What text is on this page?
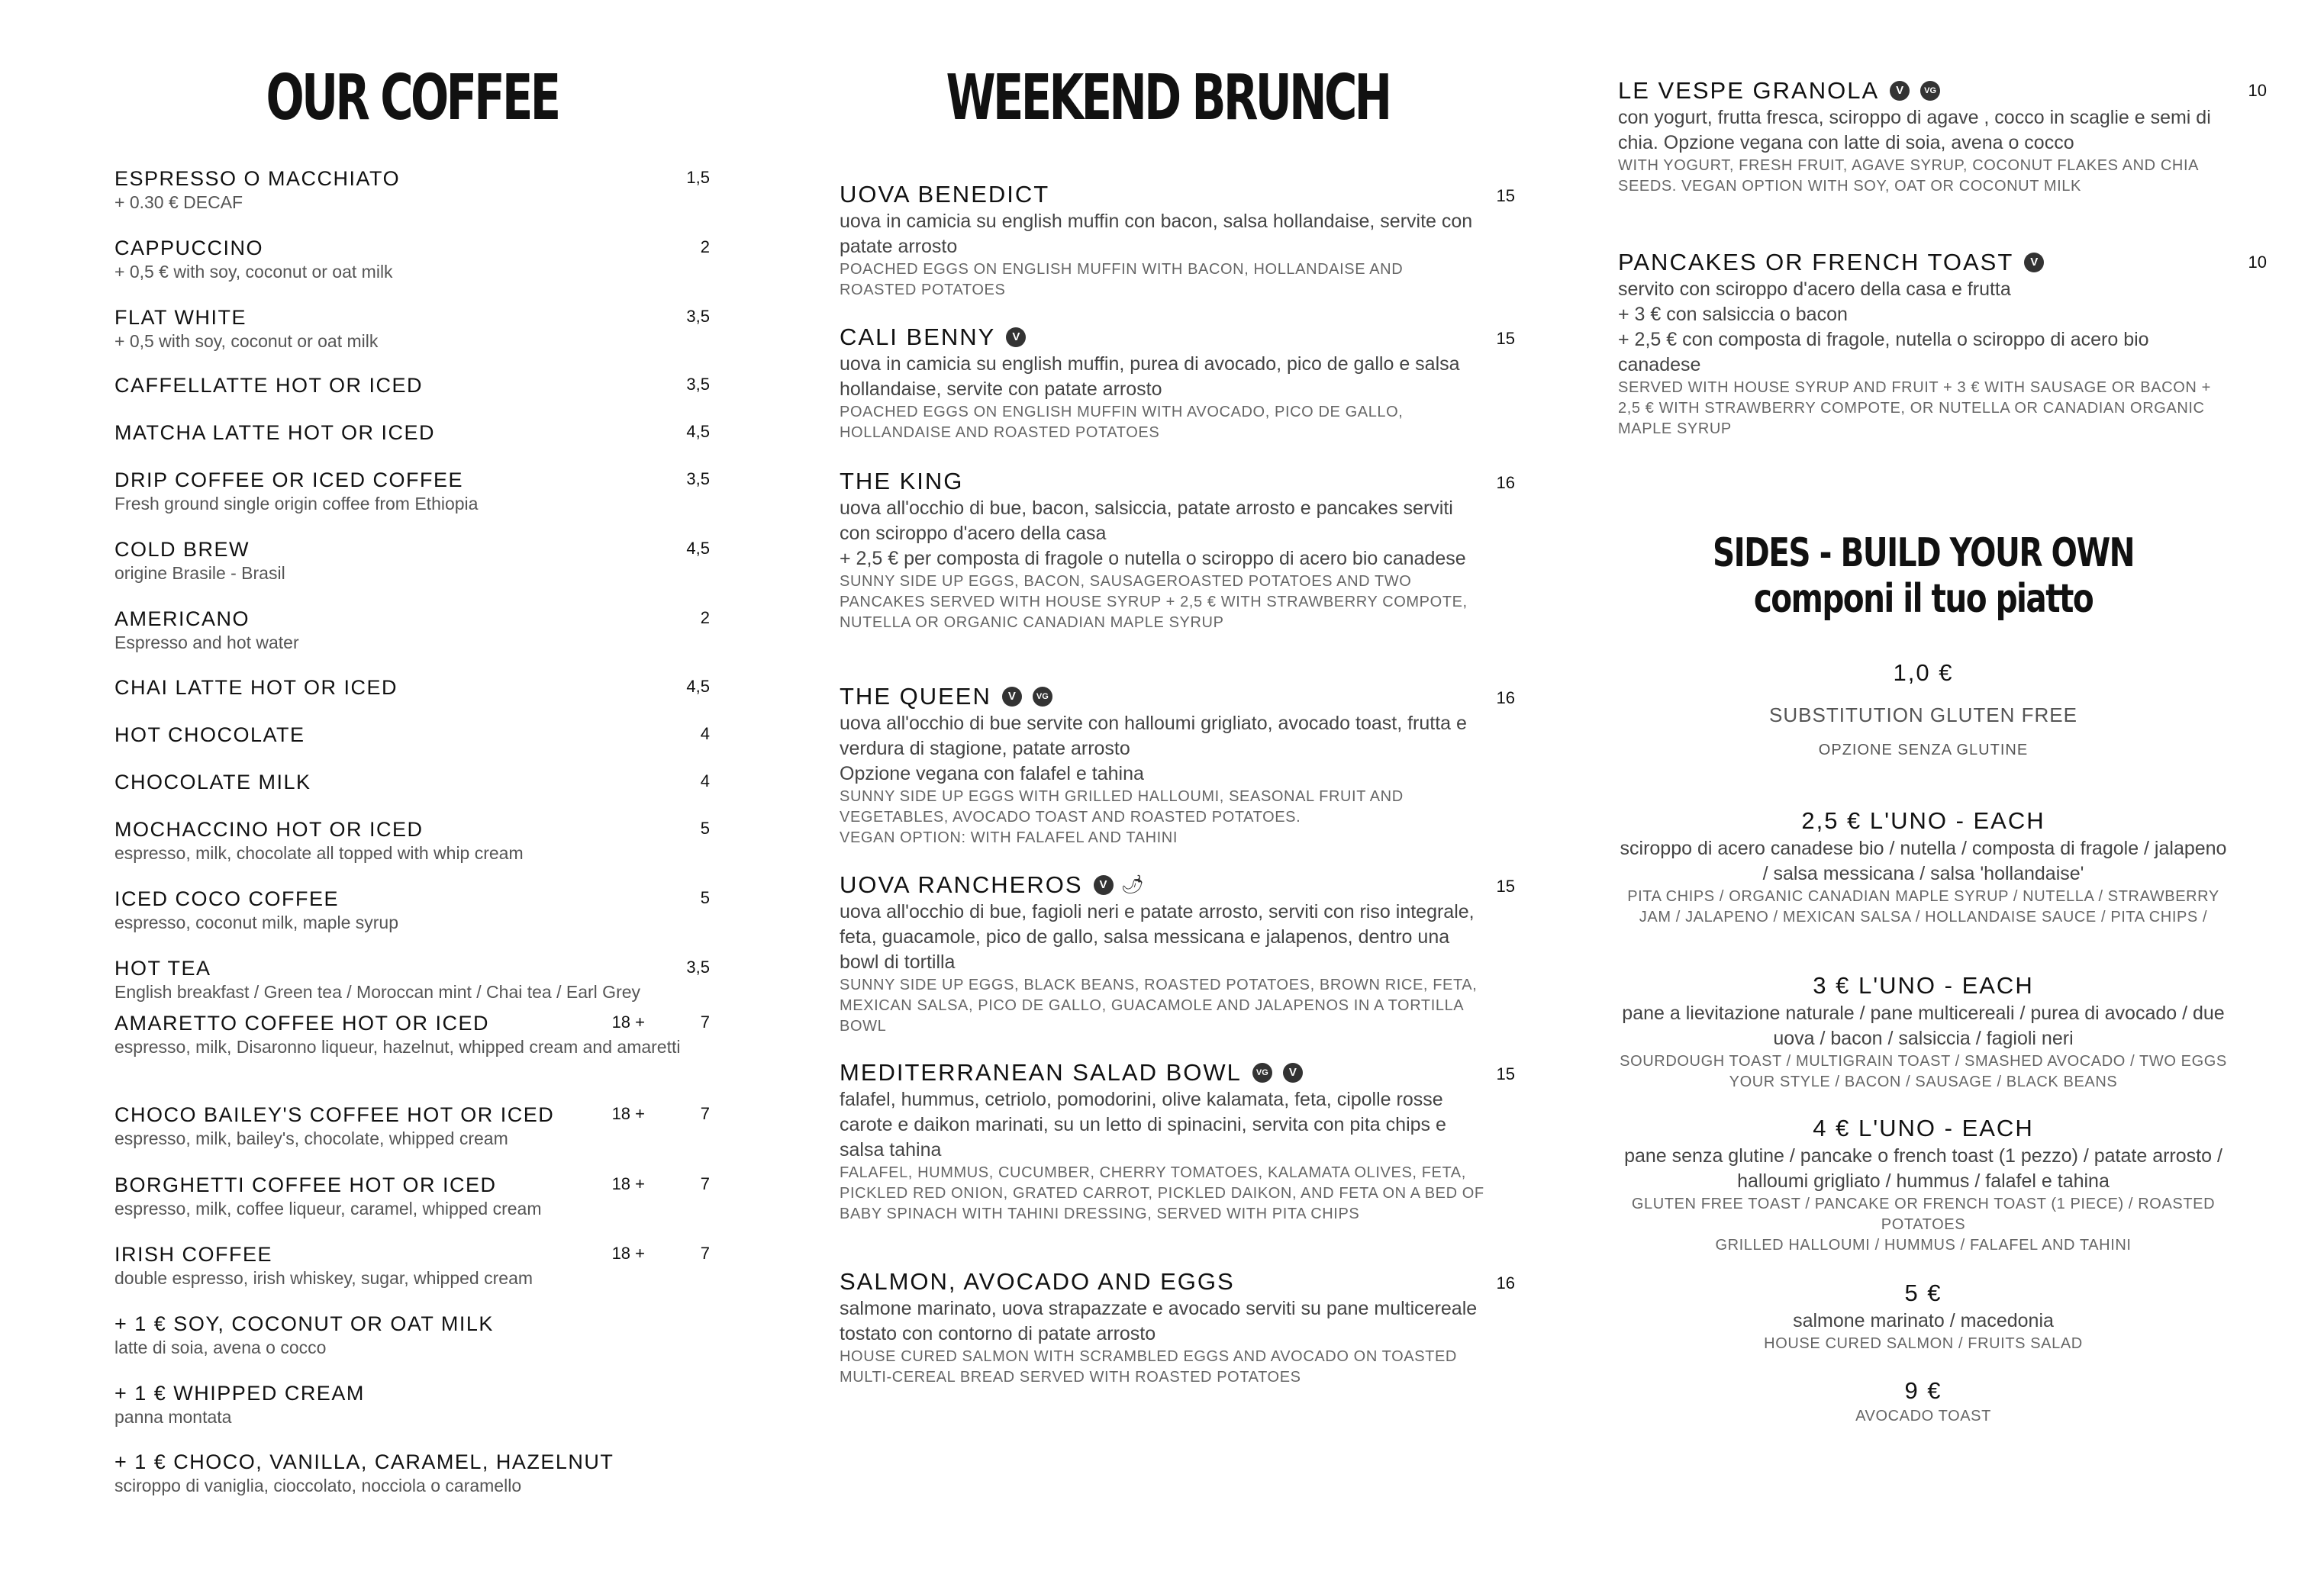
OUR COFFEE
ESPRESSO O MACCHIATO
+ 0.30 € DECAF
1,5
CAPPUCCINO
+ 0,5 € with soy, coconut or oat milk
2
FLAT WHITE
+ 0,5 with soy, coconut or oat milk
3,5
CAFFELLATTE HOT OR ICED	3,5
MATCHA LATTE HOT OR ICED	4,5
DRIP COFFEE OR ICED COFFEE
Fresh ground single origin coffee from Ethiopia
3,5
COLD BREW
origine Brasile - Brasil
4,5
AMERICANO
Espresso and hot water
2
CHAI LATTE HOT OR ICED	4,5
HOT CHOCOLATE	4
CHOCOLATE MILK	4
MOCHACCINO HOT OR ICED
espresso, milk, chocolate all topped with whip cream
5
ICED COCO COFFEE
espresso, coconut milk, maple syrup
5
HOT TEA
English breakfast / Green tea / Moroccan mint / Chai tea / Earl Grey
3,5
AMARETTO COFFEE HOT OR ICED
espresso, milk, Disaronno liqueur, hazelnut, whipped cream and amaretti
18 +	7
CHOCO BAILEY'S COFFEE HOT OR ICED
espresso, milk, bailey's, chocolate, whipped cream
18 +	7
BORGHETTI COFFEE HOT OR ICED
espresso, milk, coffee liqueur, caramel, whipped cream
18 +	7
IRISH COFFEE
double espresso, irish whiskey, sugar, whipped cream
18 +	7
+ 1 € SOY, COCONUT OR OAT MILK
latte di soia, avena o cocco
+ 1 € WHIPPED CREAM
panna montata
+ 1 € CHOCO, VANILLA, CARAMEL, HAZELNUT
sciroppo di vaniglia, cioccolato, nocciola o caramello
WEEKEND BRUNCH
UOVA BENEDICT	15
uova in camicia su english muffin con bacon, salsa hollandaise, servite con patate arrosto
POACHED EGGS ON ENGLISH MUFFIN WITH BACON, HOLLANDAISE AND ROASTED POTATOES
CALI BENNY	V	15
uova in camicia su english muffin, purea di avocado, pico de gallo e salsa hollandaise, servite con patate arrosto
POACHED EGGS ON ENGLISH MUFFIN WITH AVOCADO, PICO DE GALLO, HOLLANDAISE AND ROASTED POTATOES
THE KING	16
uova all'occhio di bue, bacon, salsiccia, patate arrosto e pancakes serviti con sciroppo d'acero della casa
+ 2,5 € per composta di fragole o nutella o sciroppo di acero bio canadese
SUNNY SIDE UP EGGS, BACON, SAUSAGEROASTED POTATOES AND TWO PANCAKES SERVED WITH HOUSE SYRUP + 2,5 € WITH STRAWBERRY COMPOTE, NUTELLA OR ORGANIC CANADIAN MAPLE SYRUP
THE QUEEN	V	VG	16
uova all'occhio di bue servite con halloumi grigliato, avocado toast, frutta e verdura di stagione, patate arrosto
Opzione vegana con falafel e tahina
SUNNY SIDE UP EGGS WITH GRILLED HALLOUMI, SEASONAL FRUIT AND VEGETABLES, AVOCADO TOAST AND ROASTED POTATOES.
VEGAN OPTION: WITH FALAFEL AND TAHINI
UOVA RANCHEROS	V 🌶	15
uova all'occhio di bue, fagioli neri e patate arrosto, serviti con riso integrale, feta, guacamole, pico de gallo, salsa messicana e jalapenos, dentro una bowl di tortilla
SUNNY SIDE UP EGGS, BLACK BEANS, ROASTED POTATOES, BROWN RICE, FETA, MEXICAN SALSA, PICO DE GALLO, GUACAMOLE AND JALAPENOS IN A TORTILLA BOWL
MEDITERRANEAN SALAD BOWL	VG	V	15
falafel, hummus, cetriolo, pomodorini, olive kalamata, feta, cipolle rosse carote e daikon marinati, su un letto di spinacini, servita con pita chips e salsa tahina
FALAFEL, HUMMUS, CUCUMBER, CHERRY TOMATOES, KALAMATA OLIVES, FETA, PICKLED RED ONION, GRATED CARROT, PICKLED DAIKON, AND FETA ON A BED OF BABY SPINACH WITH TAHINI DRESSING, SERVED WITH PITA CHIPS
SALMON, AVOCADO AND EGGS	16
salmone marinato, uova strapazzate e avocado serviti su pane multicereale tostato con contorno di patate arrosto
HOUSE CURED SALMON WITH SCRAMBLED EGGS AND AVOCADO ON TOASTED MULTI-CEREAL BREAD SERVED WITH ROASTED POTATOES
LE VESPE GRANOLA	V	VG	10
con yogurt, frutta fresca, sciroppo di agave , cocco in scaglie e semi di chia. Opzione vegana con latte di soia, avena o cocco
WITH YOGURT, FRESH FRUIT, AGAVE SYRUP, COCONUT FLAKES AND CHIA SEEDS. VEGAN OPTION WITH SOY, OAT OR COCONUT MILK
PANCAKES OR FRENCH TOAST	V	10
servito con sciroppo d'acero della casa e frutta
+ 3 € con salsiccia o bacon
+ 2,5 € con composta di fragole, nutella o sciroppo di acero bio canadese
SERVED WITH HOUSE SYRUP AND FRUIT + 3 € WITH SAUSAGE OR BACON + 2,5 € WITH STRAWBERRY COMPOTE, OR NUTELLA OR CANADIAN ORGANIC MAPLE SYRUP
SIDES - BUILD YOUR OWN
componi il tuo piatto
1,0 €
SUBSTITUTION GLUTEN FREE
OPZIONE SENZA GLUTINE
2,5 € L'UNO - EACH
sciroppo di acero canadese bio / nutella / composta di fragole / jalapeno / salsa messicana / salsa 'hollandaise'
PITA CHIPS / ORGANIC CANADIAN MAPLE SYRUP / NUTELLA / STRAWBERRY JAM / JALAPENO / MEXICAN SALSA / HOLLANDAISE SAUCE / PITA CHIPS /
3 € L'UNO - EACH
pane a lievitazione naturale / pane multicereali / purea di avocado / due uova / bacon / salsiccia / fagioli neri
SOURDOUGH TOAST / MULTIGRAIN TOAST / SMASHED AVOCADO / TWO EGGS YOUR STYLE / BACON / SAUSAGE / BLACK BEANS
4 € L'UNO - EACH
pane senza glutine / pancake o french toast (1 pezzo) / patate arrosto / halloumi grigliato / hummus / falafel e tahina
GLUTEN FREE TOAST / PANCAKE OR FRENCH TOAST (1 PIECE) / ROASTED POTATOES
GRILLED HALLOUMI / HUMMUS / FALAFEL AND TAHINI
5 €
salmone marinato / macedonia
HOUSE CURED SALMON / FRUITS SALAD
9 €
AVOCADO TOAST
